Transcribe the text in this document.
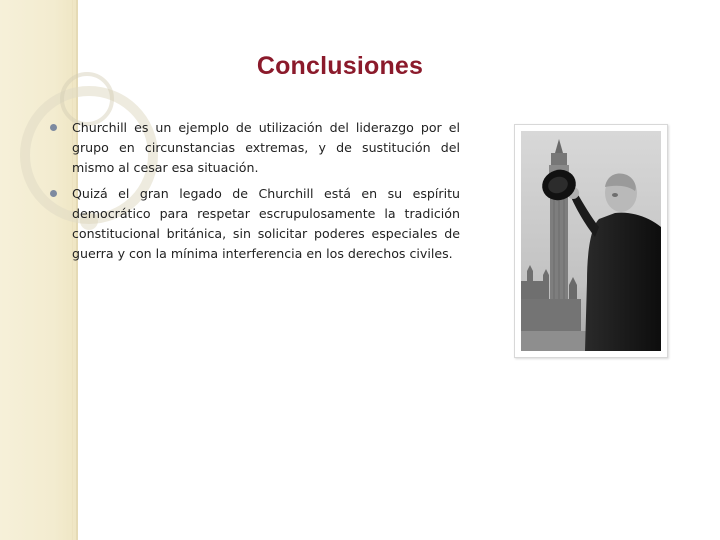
Conclusiones
Churchill es un ejemplo de utilización del liderazgo por el grupo en circunstancias extremas, y de sustitución del mismo al cesar esa situación.
Quizá el gran legado de Churchill está en su espíritu democrático para respetar escrupulosamente la tradición constitucional británica, sin solicitar poderes especiales de guerra y con la mínima interferencia en los derechos civiles.
